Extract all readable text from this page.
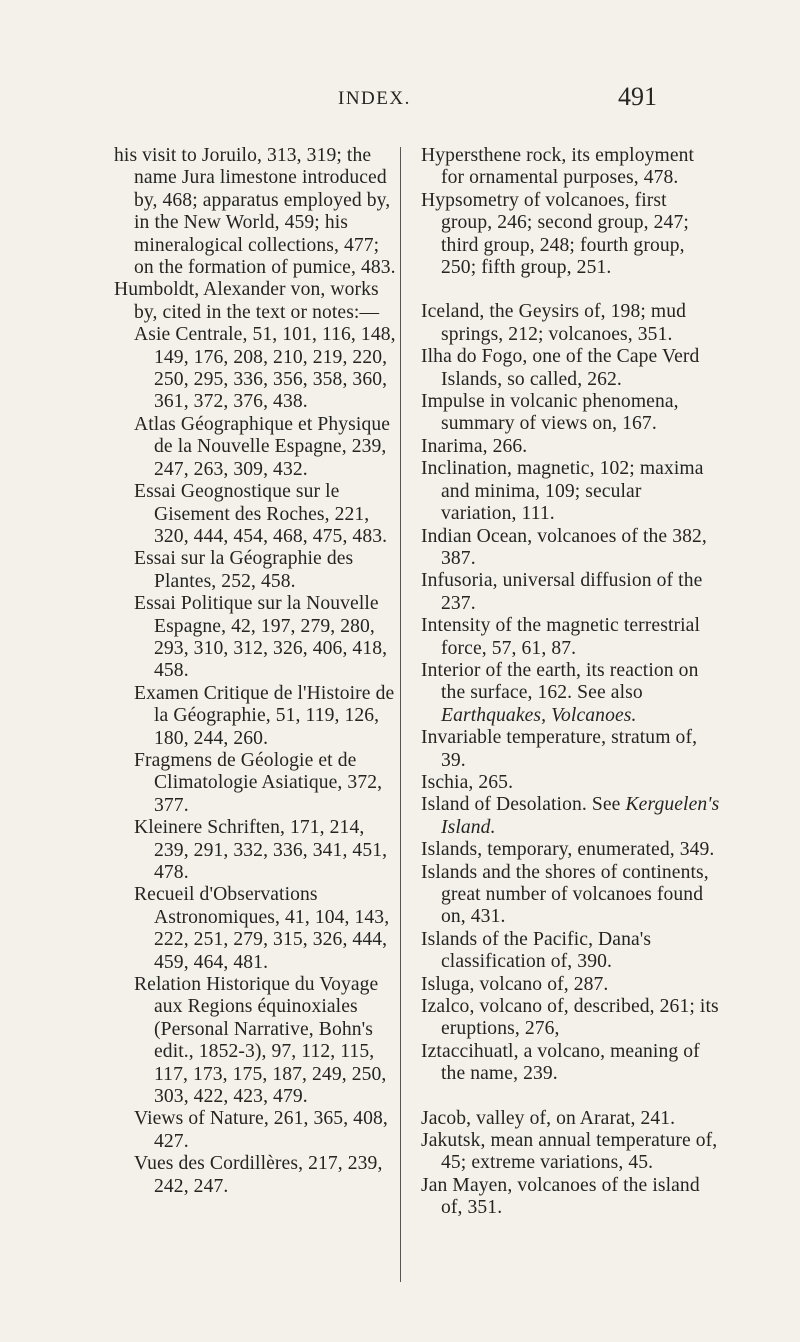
INDEX.	491

his visit to Joruilo, 313, 319; the name Jura limestone introduced by, 468; apparatus employed by, in the New World, 459; his mineralogical collections, 477; on the formation of pumice, 483.

Humboldt, Alexander von, works by, cited in the text or notes:—

Asie Centrale, 51, 101, 116, 148, 149, 176, 208, 210, 219, 220, 250, 295, 336, 356, 358, 360, 361, 372, 376, 438.

Atlas Géographique et Physique de la Nouvelle Espagne, 239, 247, 263, 309, 432.

Essai Geognostique sur le Gisement des Roches, 221, 320, 444, 454, 468, 475, 483.

Essai sur la Géographie des Plantes, 252, 458.

Essai Politique sur la Nouvelle Espagne, 42, 197, 279, 280, 293, 310, 312, 326, 406, 418, 458.

Examen Critique de l'Histoire de la Géographie, 51, 119, 126, 180, 244, 260.

Fragmens de Géologie et de Climatologie Asiatique, 372, 377.

Kleinere Schriften, 171, 214, 239, 291, 332, 336, 341, 451, 478.

Recueil d'Observations Astronomiques, 41, 104, 143, 222, 251, 279, 315, 326, 444, 459, 464, 481.

Relation Historique du Voyage aux Regions équinoxiales (Personal Narrative, Bohn's edit., 1852-3), 97, 112, 115, 117, 173, 175, 187, 249, 250, 303, 422, 423, 479.

Views of Nature, 261, 365, 408, 427.

Vues des Cordillères, 217, 239, 242, 247.

Hypersthene rock, its employment for ornamental purposes, 478.

Hypsometry of volcanoes, first group, 246; second group, 247; third group, 248; fourth group, 250; fifth group, 251.

Iceland, the Geysirs of, 198; mud springs, 212; volcanoes, 351.

Ilha do Fogo, one of the Cape Verd Islands, so called, 262.

Impulse in volcanic phenomena, summary of views on, 167.

Inarima, 266.

Inclination, magnetic, 102; maxima and minima, 109; secular variation, 111.

Indian Ocean, volcanoes of the 382, 387.

Infusoria, universal diffusion of the 237.

Intensity of the magnetic terrestrial force, 57, 61, 87.

Interior of the earth, its reaction on the surface, 162. See also Earthquakes, Volcanoes.

Invariable temperature, stratum of, 39.

Ischia, 265.

Island of Desolation. See Kerguelen's Island.

Islands, temporary, enumerated, 349.

Islands and the shores of continents, great number of volcanoes found on, 431.

Islands of the Pacific, Dana's classification of, 390.

Isluga, volcano of, 287.

Izalco, volcano of, described, 261; its eruptions, 276,

Iztaccihuatl, a volcano, meaning of the name, 239.

Jacob, valley of, on Ararat, 241.

Jakutsk, mean annual temperature of, 45; extreme variations, 45.

Jan Mayen, volcanoes of the island of, 351.
